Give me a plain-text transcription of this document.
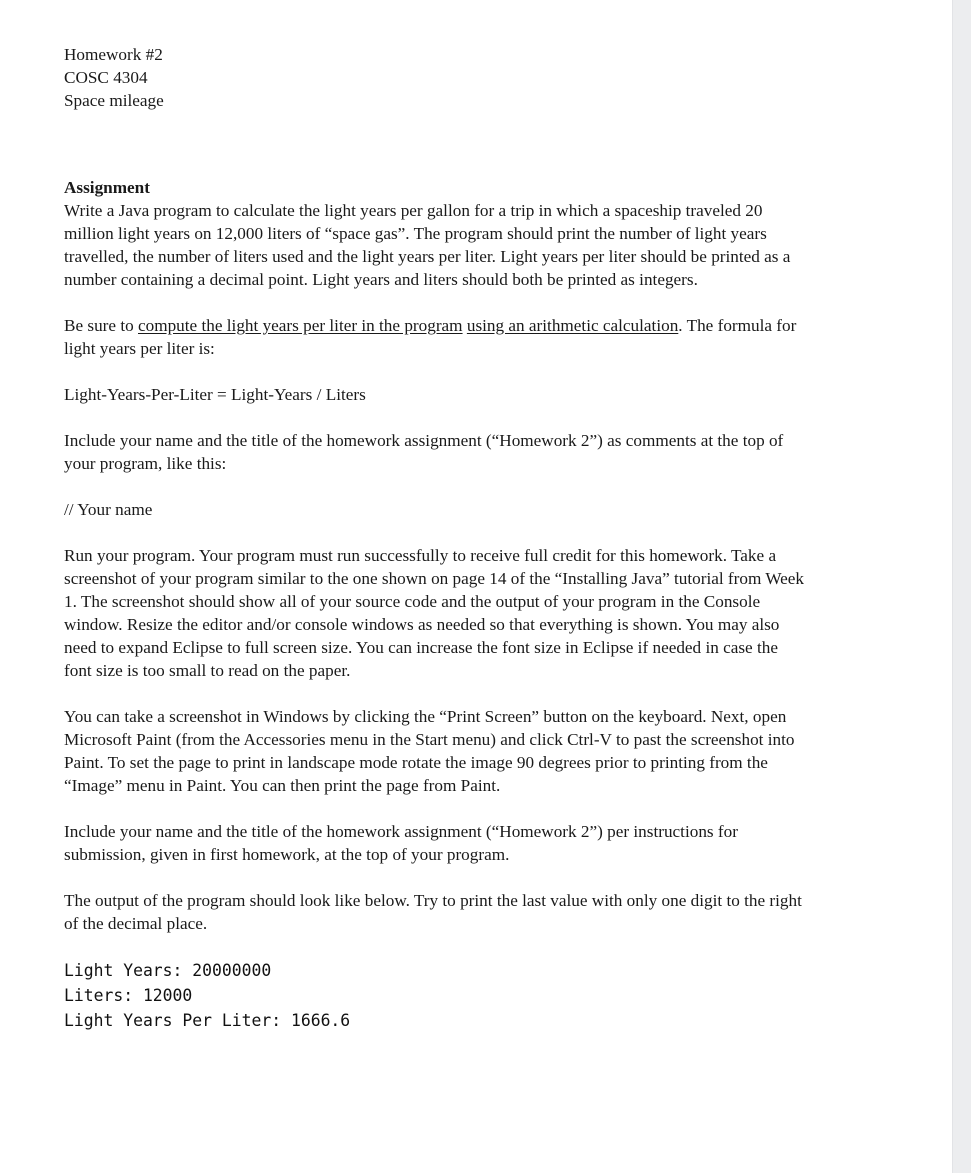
Homework #2

COSC 4304

Space mileage

Assignment

Write a Java program to calculate the light years per gallon for a trip in which a spaceship traveled 20 million light years on 12,000 liters of “space gas”. The program should print the number of light years travelled, the number of liters used and the light years per liter. Light years per liter should be printed as a number containing a decimal point. Light years and liters should both be printed as integers.

Be sure to compute the light years per liter in the program using an arithmetic calculation. The formula for light years per liter is:

Light-Years-Per-Liter = Light-Years / Liters

Include your name and the title of the homework assignment (“Homework 2”) as comments at the top of your program, like this:

// Your name

Run your program. Your program must run successfully to receive full credit for this homework. Take a screenshot of your program similar to the one shown on page 14 of the “Installing Java” tutorial from Week 1. The screenshot should show all of your source code and the output of your program in the Console window. Resize the editor and/or console windows as needed so that everything is shown. You may also need to expand Eclipse to full screen size. You can increase the font size in Eclipse if needed in case the font size is too small to read on the paper.

You can take a screenshot in Windows by clicking the “Print Screen” button on the keyboard. Next, open Microsoft Paint (from the Accessories menu in the Start menu) and click Ctrl-V to past the screenshot into Paint. To set the page to print in landscape mode rotate the image 90 degrees prior to printing from the “Image” menu in Paint. You can then print the page from Paint.

Include your name and the title of the homework assignment (“Homework 2”) per instructions for submission, given in first homework, at the top of your program.

The output of the program should look like below. Try to print the last value with only one digit to the right of the decimal place.

Light Years: 20000000
Liters: 12000
Light Years Per Liter: 1666.6
